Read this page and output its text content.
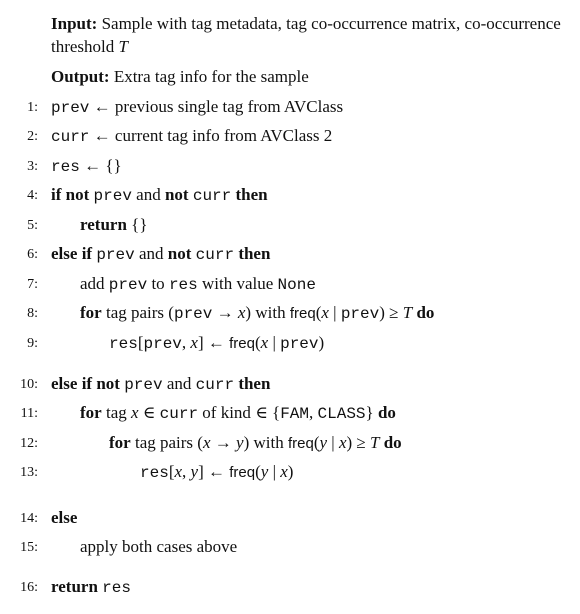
Input: Sample with tag metadata, tag co-occurrence matrix, co-occurrence threshold T
Output: Extra tag info for the sample
1: prev ← previous single tag from AVClass
2: curr ← current tag info from AVClass 2
3: res ← {}
4: if not prev and not curr then
5: return {}
6: else if prev and not curr then
7: add prev to res with value None
8: for tag pairs (prev → x) with freq(x | prev) ≥ T do
9:	res[prev, x] ← freq(x | prev)
10: else if not prev and curr then
11: for tag x ∈ curr of kind ∈ {FAM, CLASS} do
12:	for tag pairs (x → y) with freq(y | x) ≥ T do
13:	res[x, y] ← freq(y | x)
14: else
15: apply both cases above
16: return res
